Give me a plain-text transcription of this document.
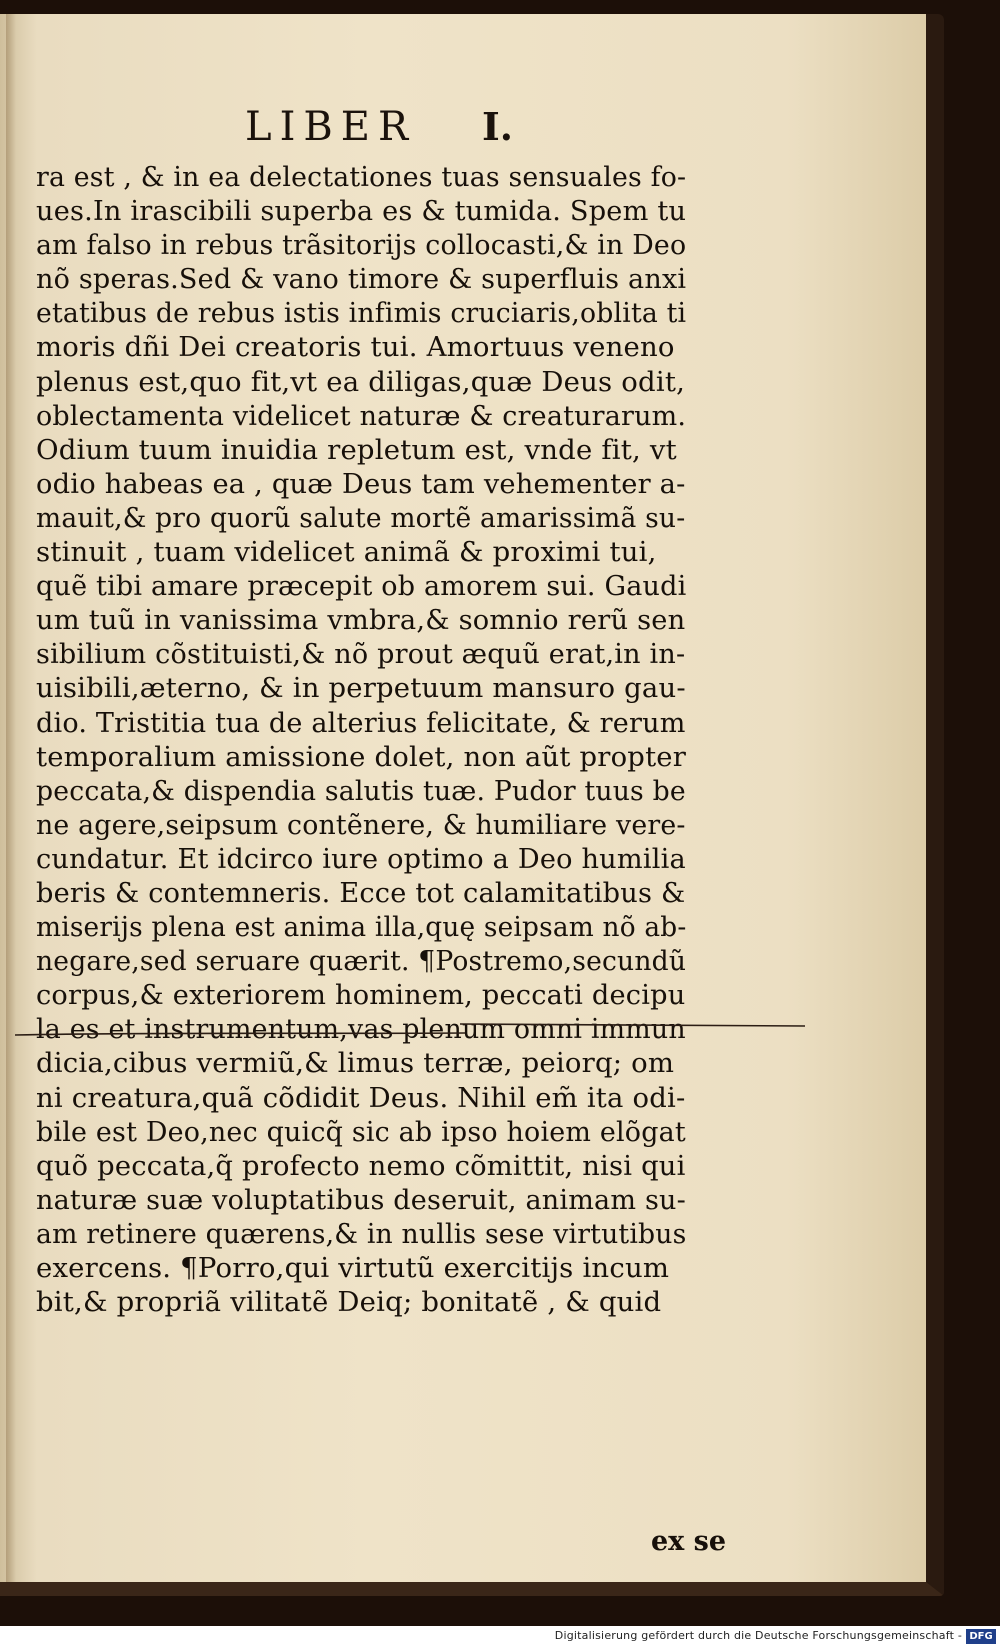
LIBER I.
ra est , & in ea delectationes tuas sensuales fo-
ues.In irascibili superba es & tumida. Spem tu
am falso in rebus trãsitorijs collocasti,& in Deo
nõ speras.Sed & vano timore & superfluis anxi
etatibus de rebus istis infimis cruciaris,oblita ti
moris dñi Dei creatoris tui. Amortuus veneno
plenus est,quo fit,vt ea diligas,quæ Deus odit,
oblectamenta videlicet naturæ & creaturarum.
Odium tuum inuidia repletum est, vnde fit, vt
odio habeas ea , quæ Deus tam vehementer a-
mauit,& pro quorũ salute mortẽ amarissimã su-
stinuit , tuam videlicet animã & proximi tui,
quẽ tibi amare præcepit ob amorem sui. Gaudi
um tuũ in vanissima vmbra,& somnio rerũ sen
sibilium cõstituisti,& nõ prout æquũ erat,in in-
uisibili,æterno, & in perpetuum mansuro gau-
dio. Tristitia tua de alterius felicitate, & rerum
temporalium amissione dolet, non aũt propter
peccata,& dispendia salutis tuæ. Pudor tuus be
ne agere,seipsum contẽnere, & humiliare vere-
cundatur. Et idcirco iure optimo a Deo humilia
beris & contemneris. Ecce tot calamitatibus &
miserijs plena est anima illa,quę seipsam nõ ab-
negare,sed seruare quærit. ¶Postremo,secundũ
corpus,& exteriorem hominem, peccati decipu
la es et instrumentum,vas plenum omni immun
dicia,cibus vermiũ,& limus terræ, peiorq; om
ni creatura,quã cõdidit Deus. Nihil em̃ ita odi-
bile est Deo,nec quicq̃ sic ab ipso hoiem elõgat
quõ peccata,q̃ profecto nemo cõmittit, nisi qui
naturæ suæ voluptatibus deseruit, animam su-
am retinere quærens,& in nullis sese virtutibus
exercens. ¶Porro,qui virtutũ exercitijs incum
bit,& propriã vilitatẽ Deiq; bonitatẽ , & quid
ex se
Digitalisierung gefördert durch die Deutsche Forschungsgemeinschaft - DFG
